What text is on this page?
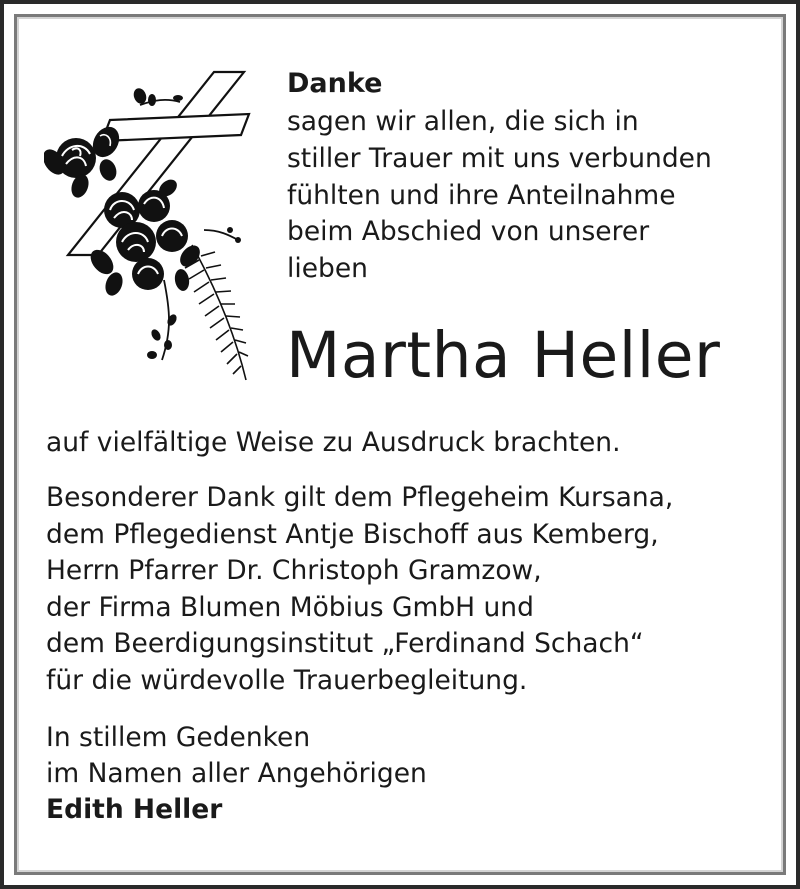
Danke
sagen wir allen, die sich in
stiller Trauer mit uns verbunden
fühlten und ihre Anteilnahme
beim Abschied von unserer
lieben
Martha Heller
auf vielfältige Weise zu Ausdruck brachten.
Besonderer Dank gilt dem Pflegeheim Kursana,
dem Pflegedienst Antje Bischoff aus Kemberg,
Herrn Pfarrer Dr. Christoph Gramzow,
der Firma Blumen Möbius GmbH und
dem Beerdigungsinstitut „Ferdinand Schach“
für die würdevolle Trauerbegleitung.
In stillem Gedenken
im Namen aller Angehörigen
Edith Heller
